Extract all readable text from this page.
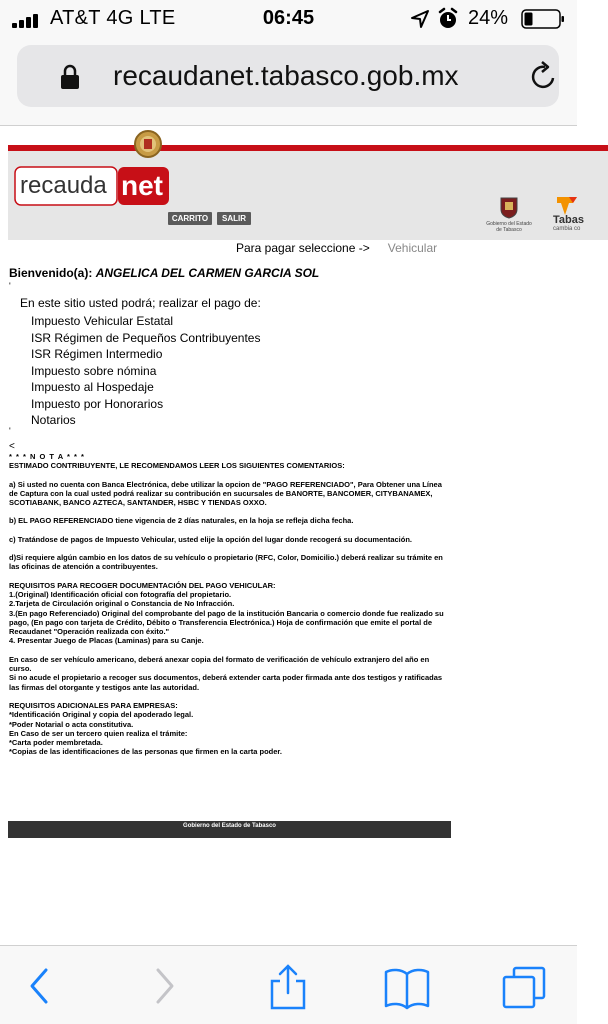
AT&T 4G LTE	06:45	24%
recaudanet.tabasco.gob.mx
recauda net
CARRITO	SALIR
Gobierno del Estado de Tabasco
Tabas
cambia co
Para pagar seleccione -> Vehicular
Bienvenido(a): ANGELICA DEL CARMEN GARCIA SOL
'
En este sitio usted podrá; realizar el pago de:
Impuesto Vehicular Estatal
ISR Régimen de Pequeños Contribuyentes
ISR Régimen Intermedio
Impuesto sobre nómina
Impuesto al Hospedaje
Impuesto por Honorarios
Notarios
'
<

* * * N O T A * * *

ESTIMADO CONTRIBUYENTE, LE RECOMENDAMOS LEER LOS SIGUIENTES COMENTARIOS:

a) Si usted no cuenta con Banca Electrónica, debe utilizar la opcion de "PAGO REFERENCIADO", Para Obtener una Línea de Captura con la cual usted podrá realizar su contribución en sucursales de BANORTE, BANCOMER, CITYBANAMEX, SCOTIABANK, BANCO AZTECA, SANTANDER, HSBC Y TIENDAS OXXO.

b) EL PAGO REFERENCIADO tiene vigencia de 2 días naturales, en la hoja se refleja dicha fecha.

c) Tratándose de pagos de Impuesto Vehicular, usted elije la opción del lugar donde recogerá su documentación.

d)Si requiere algún cambio en los datos de su vehículo o propietario (RFC, Color, Domicilio.) deberá realizar su trámite en las oficinas de atención a contribuyentes.

REQUISITOS PARA RECOGER DOCUMENTACIÓN DEL PAGO VEHICULAR:

1.(Original) Identificación oficial con fotografía del propietario.

2.Tarjeta de Circulación original o Constancia de No Infracción.

3.(En pago Referenciado) Original del comprobante del pago de la institución Bancaria o comercio donde fue realizado su pago, (En pago con tarjeta de Crédito, Débito o Transferencia Electrónica.) Hoja de confirmación que emite el portal de Recaudanet "Operación realizada con éxito."

4. Presentar Juego de Placas (Laminas) para su Canje.

En caso de ser vehículo americano, deberá anexar copia del formato de verificación de vehículo extranjero del año en curso.

Si no acude el propietario a recoger sus documentos, deberá extender carta poder firmada ante dos testigos y ratificadas las firmas del otorgante y testigos ante las autoridad.

REQUISITOS ADICIONALES PARA EMPRESAS:

*Identificación Original y copia del apoderado legal.

*Poder Notarial o acta constitutiva.

En Caso de ser un tercero quien realiza el trámite:

*Carta poder membretada.

*Copias de las identificaciones de las personas que firmen en la carta poder.

Gobierno del Estado de Tabasco
